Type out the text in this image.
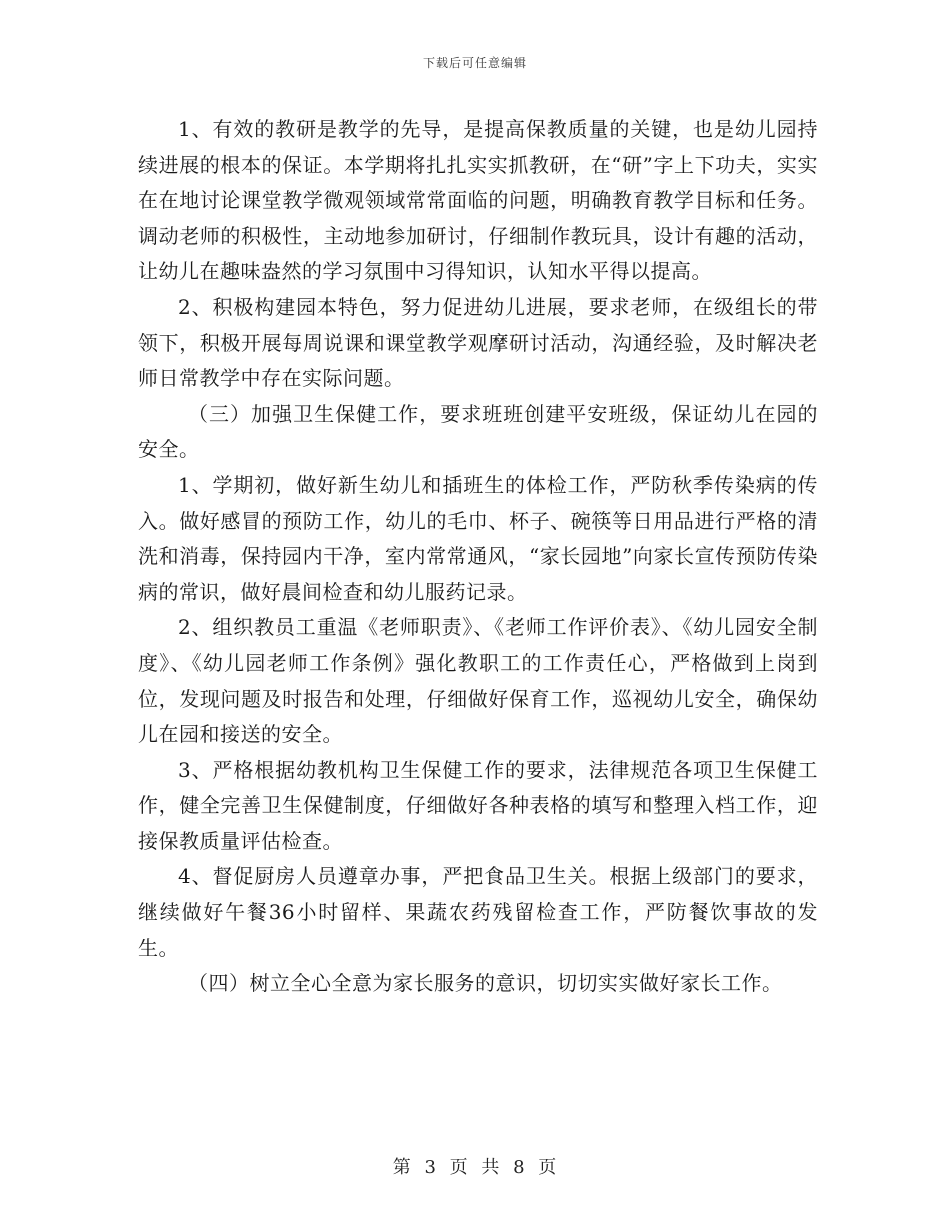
下载后可任意编辑

1、有效的教研是教学的先导，是提高保教质量的关键，也是幼儿园持续进展的根本的保证。本学期将扎扎实实抓教研，在“研”字上下功夫，实实在在地讨论课堂教学微观领域常常面临的问题，明确教育教学目标和任务。调动老师的积极性，主动地参加研讨，仔细制作教玩具，设计有趣的活动，让幼儿在趣味盎然的学习氛围中习得知识，认知水平得以提高。

2、积极构建园本特色，努力促进幼儿进展，要求老师，在级组长的带领下，积极开展每周说课和课堂教学观摩研讨活动，沟通经验，及时解决老师日常教学中存在实际问题。

（三）加强卫生保健工作，要求班班创建平安班级，保证幼儿在园的安全。

1、学期初，做好新生幼儿和插班生的体检工作，严防秋季传染病的传入。做好感冒的预防工作，幼儿的毛巾、杯子、碗筷等日用品进行严格的清洗和消毒，保持园内干净，室内常常通风，“家长园地”向家长宣传预防传染病的常识，做好晨间检查和幼儿服药记录。

2、组织教员工重温《老师职责》、《老师工作评价表》、《幼儿园安全制度》、《幼儿园老师工作条例》强化教职工的工作责任心，严格做到上岗到位，发现问题及时报告和处理，仔细做好保育工作，巡视幼儿安全，确保幼儿在园和接送的安全。

3、严格根据幼教机构卫生保健工作的要求，法律规范各项卫生保健工作，健全完善卫生保健制度，仔细做好各种表格的填写和整理入档工作，迎接保教质量评估检查。

4、督促厨房人员遵章办事，严把食品卫生关。根据上级部门的要求，继续做好午餐36小时留样、果蔬农药残留检查工作，严防餐饮事故的发生。

（四）树立全心全意为家长服务的意识，切切实实做好家长工作。

第 3 页 共 8 页
